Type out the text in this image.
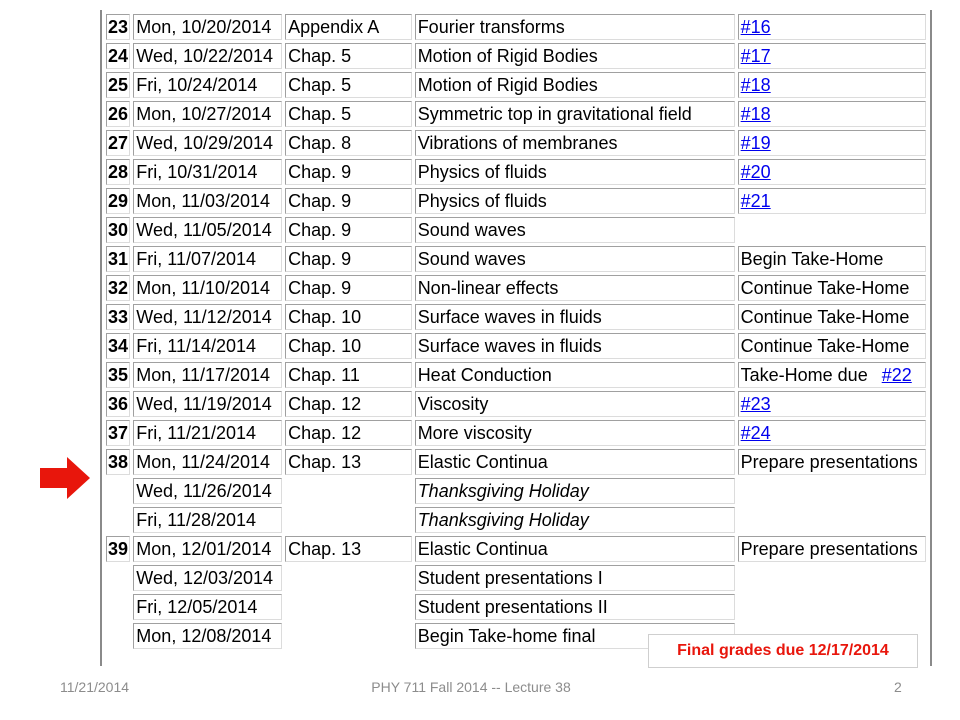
23	Mon, 10/20/2014	Appendix A	Fourier transforms	#16
24	Wed, 10/22/2014	Chap. 5	Motion of Rigid Bodies	#17
25	Fri, 10/24/2014	Chap. 5	Motion of Rigid Bodies	#18
26	Mon, 10/27/2014	Chap. 5	Symmetric top in gravitational field	#18
27	Wed, 10/29/2014	Chap. 8	Vibrations of membranes	#19
28	Fri, 10/31/2014	Chap. 9	Physics of fluids	#20
29	Mon, 11/03/2014	Chap. 9	Physics of fluids	#21
30	Wed, 11/05/2014	Chap. 9	Sound waves	
31	Fri, 11/07/2014	Chap. 9	Sound waves	Begin Take-Home
32	Mon, 11/10/2014	Chap. 9	Non-linear effects	Continue Take-Home
33	Wed, 11/12/2014	Chap. 10	Surface waves in fluids	Continue Take-Home
34	Fri, 11/14/2014	Chap. 10	Surface waves in fluids	Continue Take-Home
35	Mon, 11/17/2014	Chap. 11	Heat Conduction	Take-Home due #22
36	Wed, 11/19/2014	Chap. 12	Viscosity	#23
37	Fri, 11/21/2014	Chap. 12	More viscosity	#24
38	Mon, 11/24/2014	Chap. 13	Elastic Continua	Prepare presentations
	Wed, 11/26/2014		Thanksgiving Holiday	
	Fri, 11/28/2014		Thanksgiving Holiday	
39	Mon, 12/01/2014	Chap. 13	Elastic Continua	Prepare presentations
	Wed, 12/03/2014		Student presentations I	
	Fri, 12/05/2014		Student presentations II	
	Mon, 12/08/2014		Begin Take-home final	
Final grades due 12/17/2014
11/21/2014	PHY 711 Fall 2014 -- Lecture 38	2
